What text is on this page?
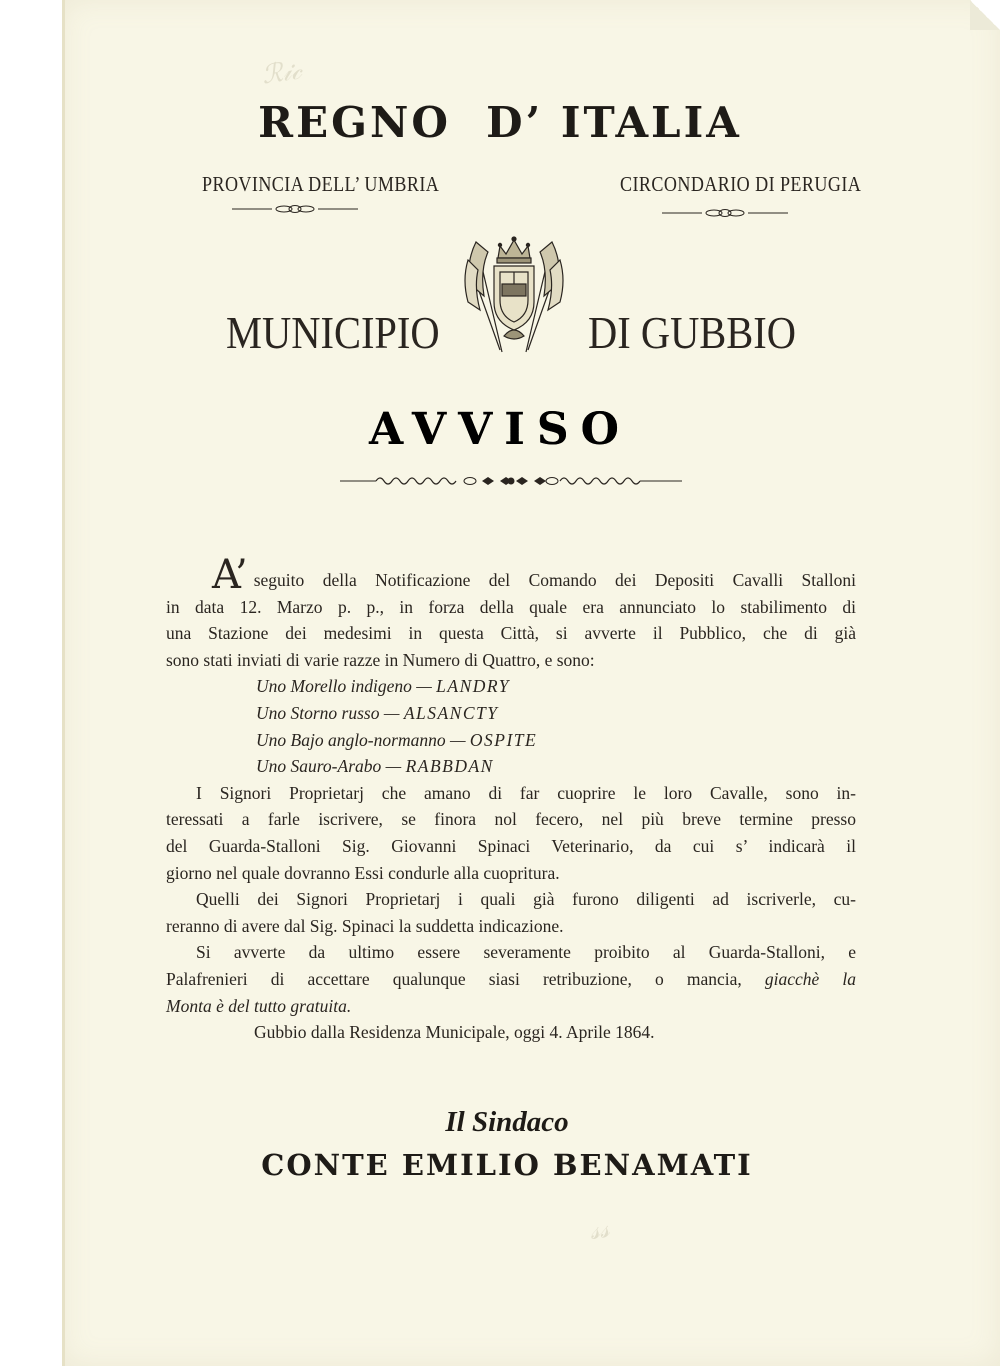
ℛ𝒾𝒸
𝓈𝓈
REGNO  D’ ITALIA
PROVINCIA DELL’ UMBRIA	CIRCONDARIO DI PERUGIA
MUNICIPIO	DI GUBBIO
AVVISO
A’ seguito della Notificazione del Comando dei Depositi Cavalli Stalloni
in data 12. Marzo p. p., in forza della quale era annunciato lo stabilimento di
una Stazione dei medesimi in questa Città, si avverte il Pubblico, che di già
sono stati inviati di varie razze in Numero di Quattro, e sono:
Uno Morello indigeno — LANDRY
Uno Storno russo — ALSANCTY
Uno Bajo anglo-normanno — OSPITE
Uno Sauro-Arabo — RABBDAN
I Signori Proprietarj che amano di far cuoprire le loro Cavalle, sono in-
teressati a farle iscrivere, se finora nol fecero, nel più breve termine presso
del Guarda-Stalloni Sig. Giovanni Spinaci Veterinario, da cui s’ indicarà il
giorno nel quale dovranno Essi condurle alla cuopritura.
Quelli dei Signori Proprietarj i quali già furono diligenti ad iscriverle, cu-
reranno di avere dal Sig. Spinaci la suddetta indicazione.
Si avverte da ultimo essere severamente proibito al Guarda-Stalloni, e
Palafrenieri di accettare qualunque siasi retribuzione, o mancia, giacchè la
Monta è del tutto gratuita.
Gubbio dalla Residenza Municipale, oggi 4. Aprile 1864.
Il Sindaco
CONTE EMILIO BENAMATI
